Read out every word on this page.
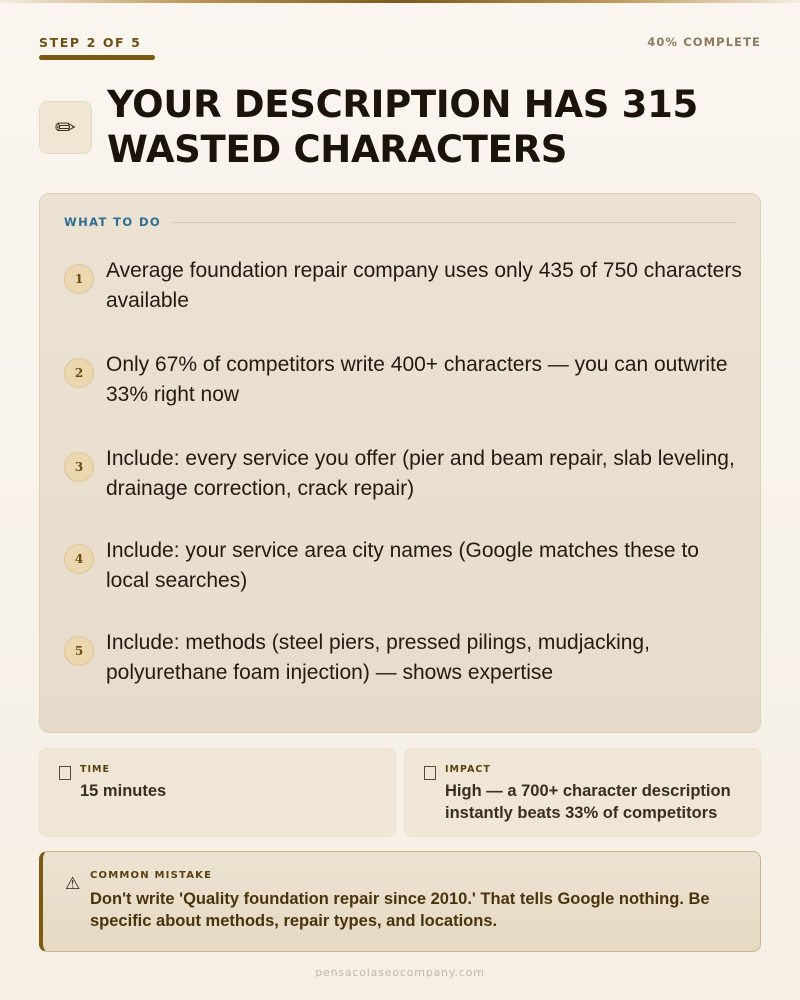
STEP 2 OF 5	40% COMPLETE
✏
YOUR DESCRIPTION HAS 315 WASTED CHARACTERS
WHAT TO DO
1	Average foundation repair company uses only 435 of 750 characters available
2	Only 67% of competitors write 400+ characters — you can outwrite 33% right now
3	Include: every service you offer (pier and beam repair, slab leveling, drainage correction, crack repair)
4	Include: your service area city names (Google matches these to local searches)
5	Include: methods (steel piers, pressed pilings, mudjacking, polyurethane foam injection) — shows expertise
TIME
15 minutes
IMPACT
High — a 700+ character description instantly beats 33% of competitors
⚠ COMMON MISTAKE
Don't write 'Quality foundation repair since 2010.' That tells Google nothing. Be specific about methods, repair types, and locations.
pensacolaseocompany.com
